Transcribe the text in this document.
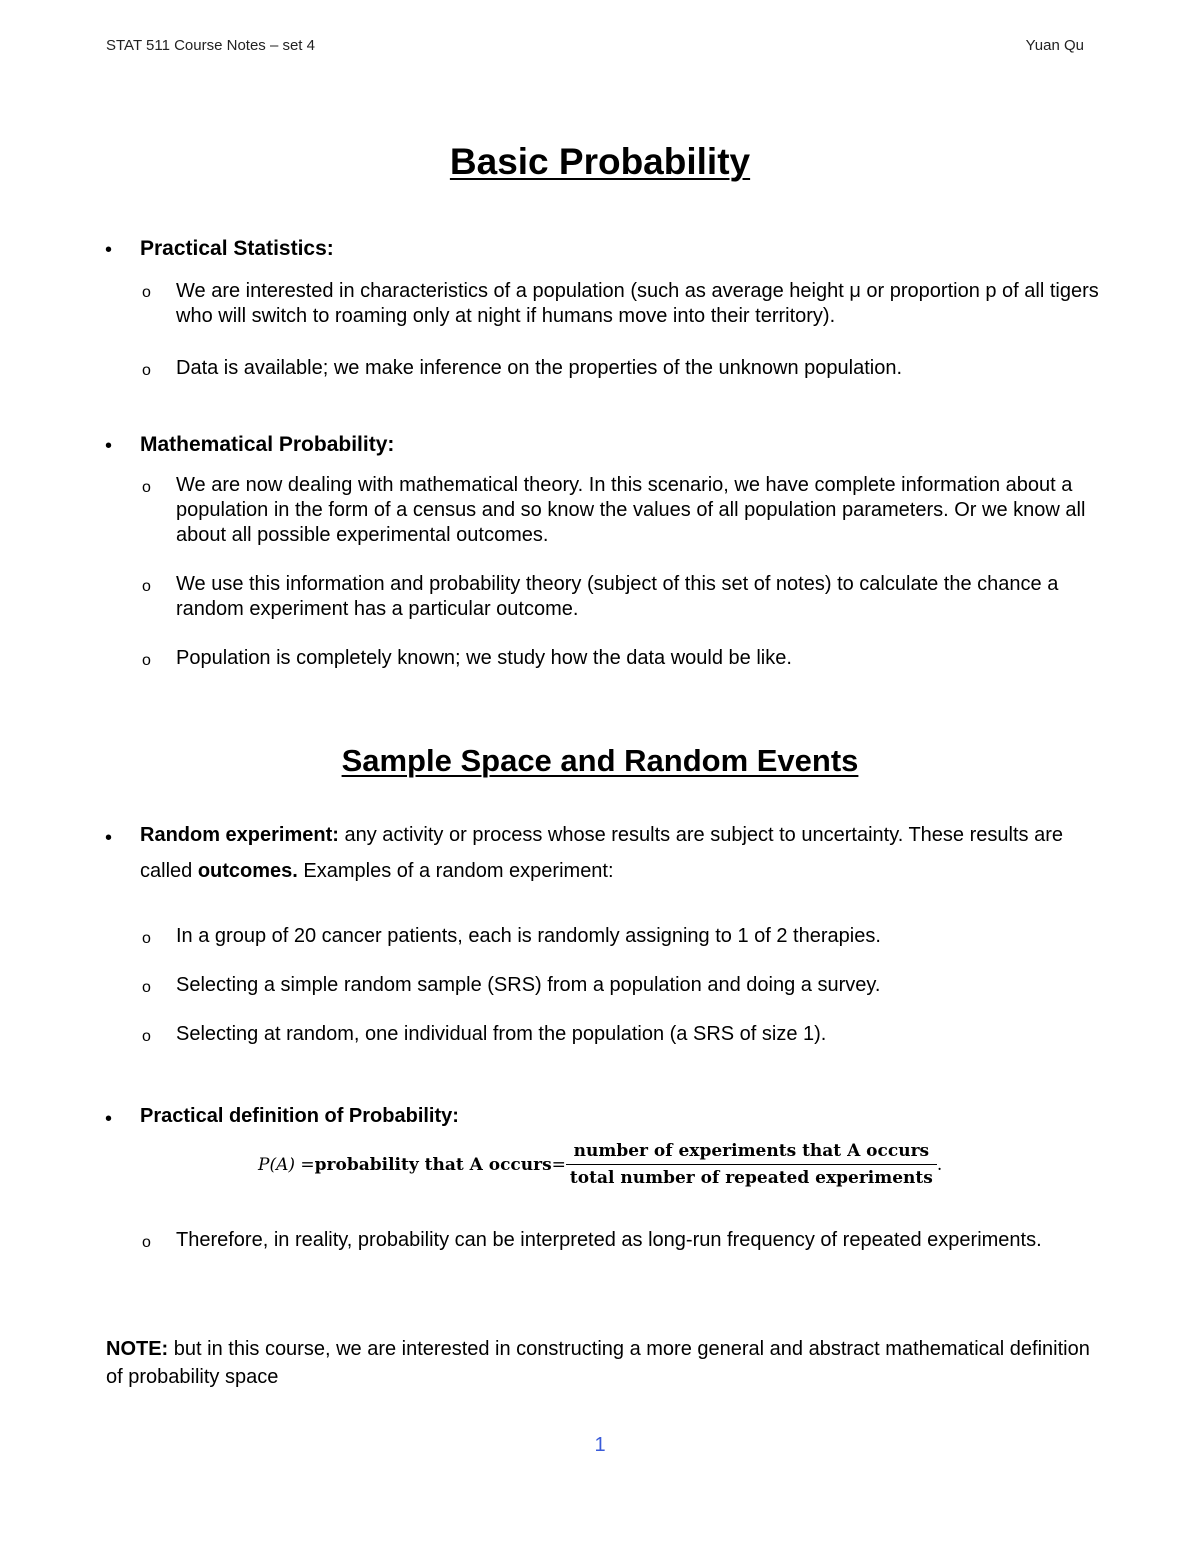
STAT 511 Course Notes – set 4	Yuan Qu
Basic Probability
• Practical Statistics:
o We are interested in characteristics of a population (such as average height μ or proportion p of all tigers who will switch to roaming only at night if humans move into their territory).
o Data is available; we make inference on the properties of the unknown population.
• Mathematical Probability:
o We are now dealing with mathematical theory. In this scenario, we have complete information about a population in the form of a census and so know the values of all population parameters. Or we know all about all possible experimental outcomes.
o We use this information and probability theory (subject of this set of notes) to calculate the chance a random experiment has a particular outcome.
o Population is completely known; we study how the data would be like.
Sample Space and Random Events
• Random experiment: any activity or process whose results are subject to uncertainty. These results are called outcomes. Examples of a random experiment:
o In a group of 20 cancer patients, each is randomly assigning to 1 of 2 therapies.
o Selecting a simple random sample (SRS) from a population and doing a survey.
o Selecting at random, one individual from the population (a SRS of size 1).
• Practical definition of Probability:
P(A) = probability that A occurs = $\frac{\text{number of experiments that A occurs}}{\text{total number of repeated experiments}}$ .
o Therefore, in reality, probability can be interpreted as long-run frequency of repeated experiments.
NOTE: but in this course, we are interested in constructing a more general and abstract mathematical definition of probability space
1
